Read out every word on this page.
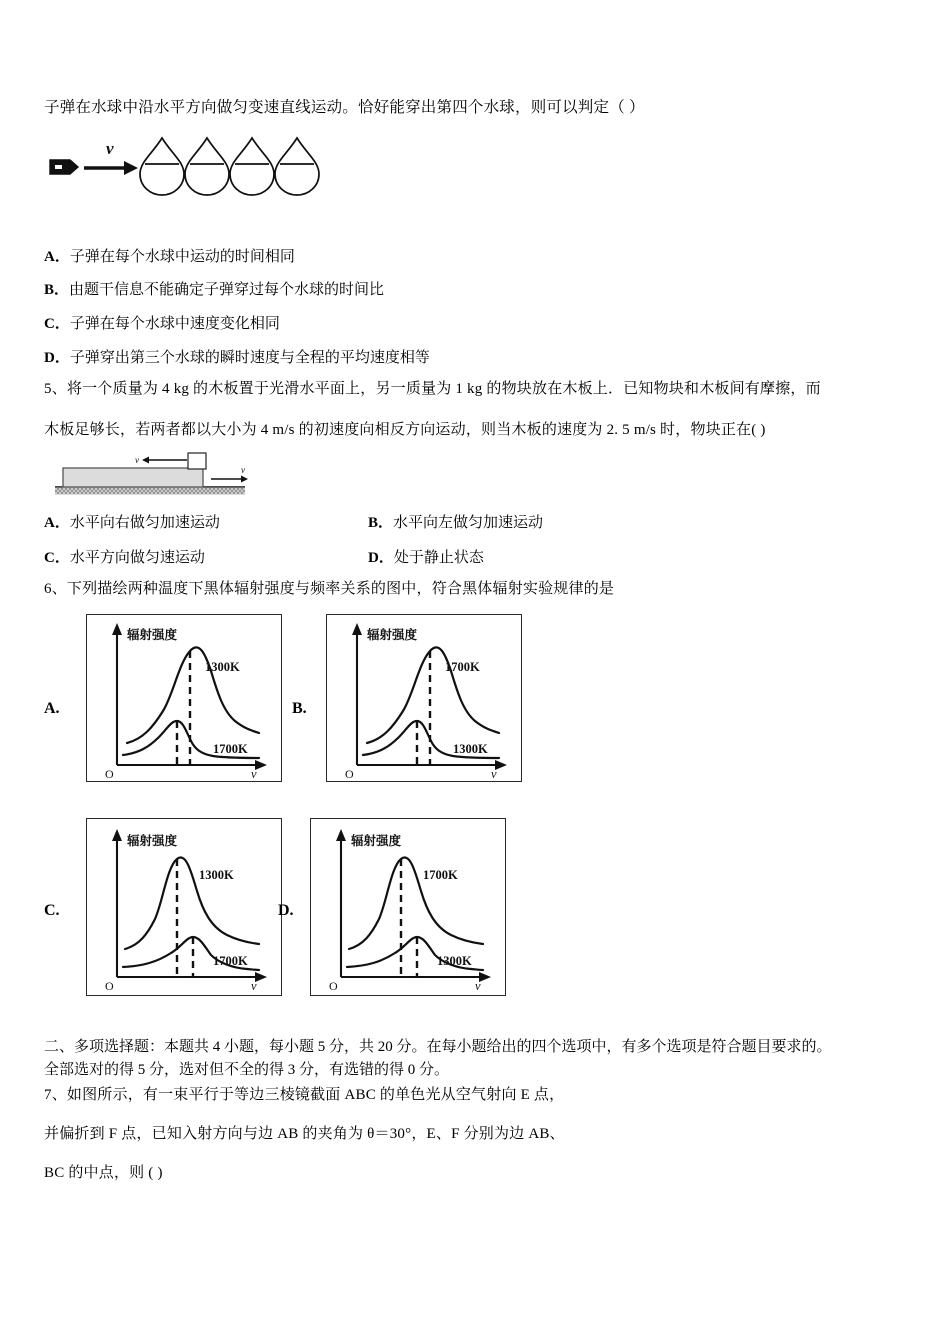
子弹在水球中沿水平方向做匀变速直线运动。恰好能穿出第四个水球，则可以判定（ ）
v
A．子弹在每个水球中运动的时间相同
B．由题干信息不能确定子弹穿过每个水球的时间比
C．子弹在每个水球中速度变化相同
D．子弹穿出第三个水球的瞬时速度与全程的平均速度相等
5、将一个质量为 4 kg 的木板置于光滑水平面上，另一质量为 1 kg 的物块放在木板上．已知物块和木板间有摩擦，而
木板足够长，若两者都以大小为 4 m/s 的初速度向相反方向运动，则当木板的速度为 2. 5 m/s 时，物块正在( )
v
v
A．水平向右做匀加速运动	B．水平向左做匀加速运动
C．水平方向做匀速运动	D．处于静止状态
6、下列描绘两种温度下黑体辐射强度与频率关系的图中，符合黑体辐射实验规律的是
A.
辐射强度
O	ν
1300K
1700K
B.
辐射强度
O	ν
1700K
1300K
C.
辐射强度
O	ν
1300K
1700K
D.
辐射强度
O	ν
1700K
1300K
二、多项选择题：本题共 4 小题，每小题 5 分，共 20 分。在每小题给出的四个选项中，有多个选项是符合题目要求的。
全部选对的得 5 分，选对但不全的得 3 分，有选错的得 0 分。
7、如图所示，有一束平行于等边三棱镜截面 ABC 的单色光从空气射向 E 点，
并偏折到 F 点，已知入射方向与边 AB 的夹角为 θ＝30°，E、F 分别为边 AB、
BC 的中点，则 ( )
